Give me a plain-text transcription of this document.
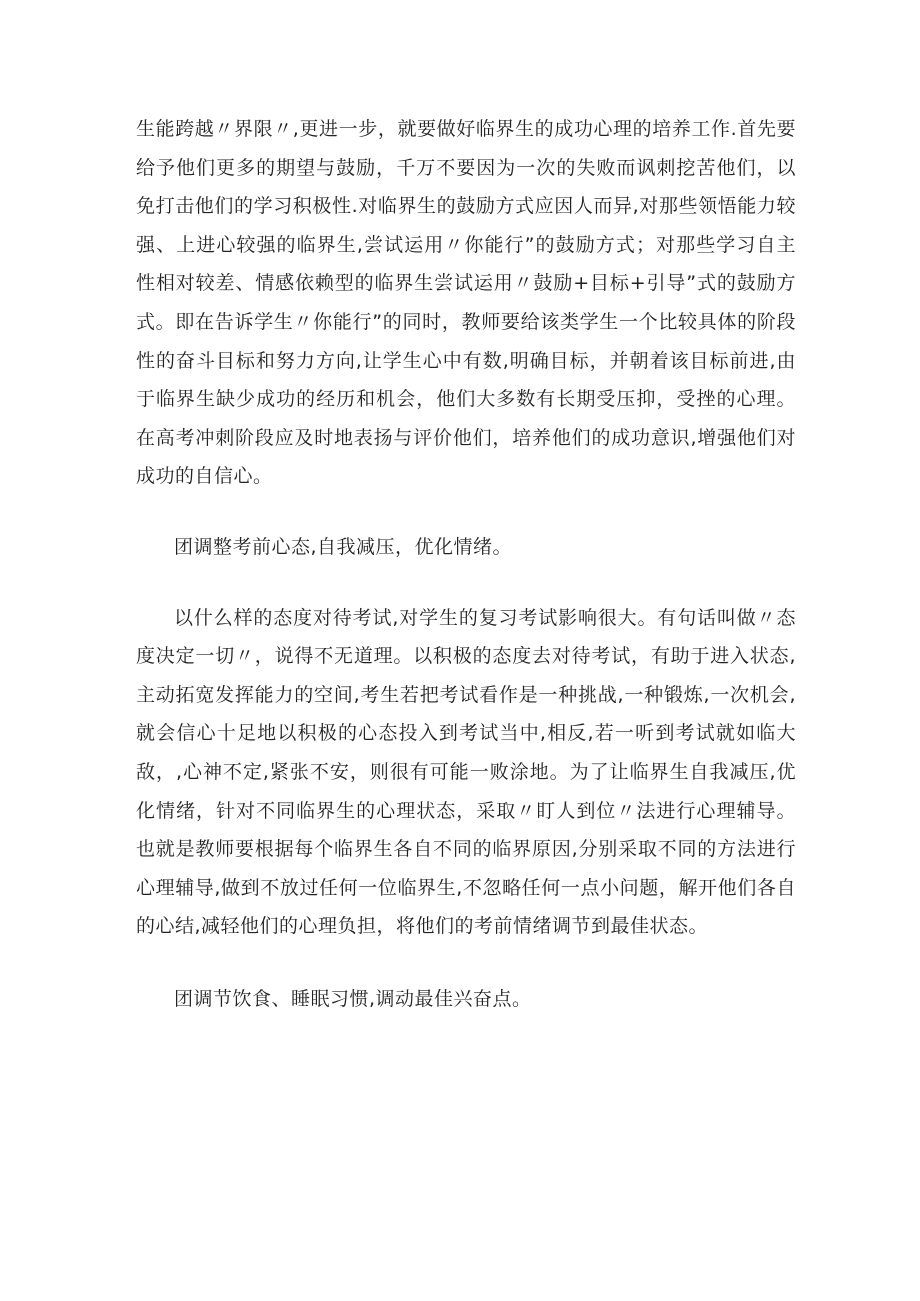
生能跨越〃界限〃,更进一步，就要做好临界生的成功心理的培养工作.首先要给予他们更多的期望与鼓励，千万不要因为一次的失败而讽刺挖苦他们，以免打击他们的学习积极性.对临界生的鼓励方式应因人而异,对那些领悟能力较强、上进心较强的临界生,尝试运用〃你能行”的鼓励方式；对那些学习自主性相对较差、情感依赖型的临界生尝试运用〃鼓励+目标+引导”式的鼓励方式。即在告诉学生〃你能行”的同时，教师要给该类学生一个比较具体的阶段性的奋斗目标和努力方向,让学生心中有数,明确目标，并朝着该目标前进,由于临界生缺少成功的经历和机会，他们大多数有长期受压抑，受挫的心理。在高考冲刺阶段应及时地表扬与评价他们，培养他们的成功意识,增强他们对成功的自信心。

团调整考前心态,自我减压，优化情绪。

以什么样的态度对待考试,对学生的复习考试影响很大。有句话叫做〃态度决定一切〃，说得不无道理。以积极的态度去对待考试，有助于进入状态,主动拓宽发挥能力的空间,考生若把考试看作是一种挑战,一种锻炼,一次机会,就会信心十足地以积极的心态投入到考试当中,相反,若一听到考试就如临大敌，,心神不定,紧张不安，则很有可能一败涂地。为了让临界生自我减压,优化情绪，针对不同临界生的心理状态，采取〃盯人到位〃法进行心理辅导。也就是教师要根据每个临界生各自不同的临界原因,分别采取不同的方法进行心理辅导,做到不放过任何一位临界生,不忽略任何一点小问题，解开他们各自的心结,减轻他们的心理负担，将他们的考前情绪调节到最佳状态。

团调节饮食、睡眠习惯,调动最佳兴奋点。
